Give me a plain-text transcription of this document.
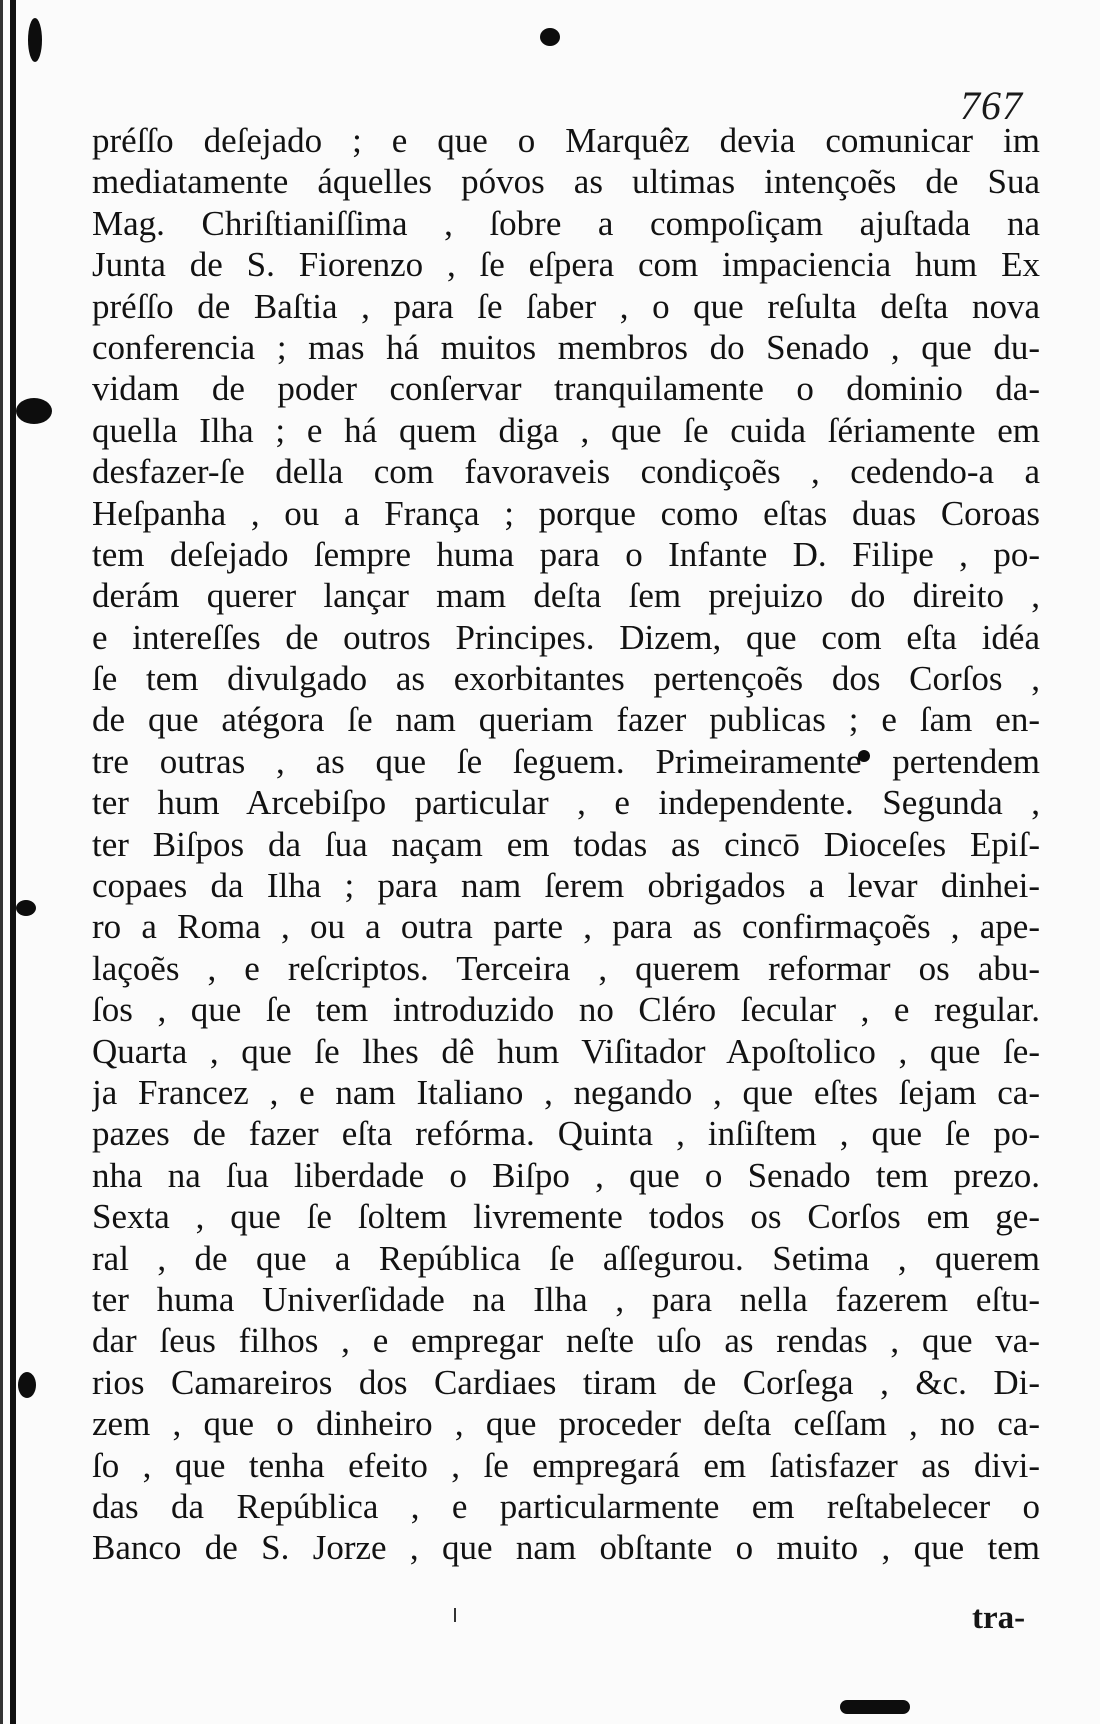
767
préſſo deſejado ; e que o Marquêz devia comunicar im
mediatamente áquelles póvos as ultimas intençoẽs de Sua
Mag. Chriſtianiſſima , ſobre a compoſiçam ajuſtada na
Junta de S. Fiorenzo , ſe eſpera com impaciencia hum Ex
préſſo de Baſtia , para ſe ſaber , o que reſulta deſta nova
conferencia ; mas há muitos membros do Senado , que du-
vidam de poder conſervar tranquilamente o dominio da-
quella Ilha ; e há quem diga , que ſe cuida ſériamente em
desfazer-ſe della com favoraveis condiçoẽs , cedendo-a a
Heſpanha , ou a França ; porque como eſtas duas Coroas
tem deſejado ſempre huma para o Infante D. Filipe , po-
derám querer lançar mam deſta ſem prejuizo do direito ,
e intereſſes de outros Principes. Dizem, que com eſta idéa
ſe tem divulgado as exorbitantes pertençoẽs dos Corſos ,
de que atégora ſe nam queriam fazer publicas ; e ſam en-
tre outras , as que ſe ſeguem. Primeiramente pertendem
ter hum Arcebiſpo particular , e independente. Segunda ,
ter Biſpos da ſua naçam em todas as cincō Dioceſes Epiſ-
copaes da Ilha ; para nam ſerem obrigados a levar dinhei-
ro a Roma , ou a outra parte , para as confirmaçoẽs , ape-
laçoẽs , e reſcriptos. Terceira , querem reformar os abu-
ſos , que ſe tem introduzido no Cléro ſecular , e regular.
Quarta , que ſe lhes dê hum Viſitador Apoſtolico , que ſe-
ja Francez , e nam Italiano , negando , que eſtes ſejam ca-
pazes de fazer eſta refórma. Quinta , inſiſtem , que ſe po-
nha na ſua liberdade o Biſpo , que o Senado tem prezo.
Sexta , que ſe ſoltem livremente todos os Corſos em ge-
ral , de que a República ſe aſſegurou. Setima , querem
ter huma Univerſidade na Ilha , para nella fazerem eſtu-
dar ſeus filhos , e empregar neſte uſo as rendas , que va-
rios Camareiros dos Cardiaes tiram de Corſega , &c. Di-
zem , que o dinheiro , que proceder deſta ceſſam , no ca-
ſo , que tenha efeito , ſe empregará em ſatisfazer as divi-
das da República , e particularmente em reſtabelecer o
Banco de S. Jorze , que nam obſtante o muito , que tem
tra-
